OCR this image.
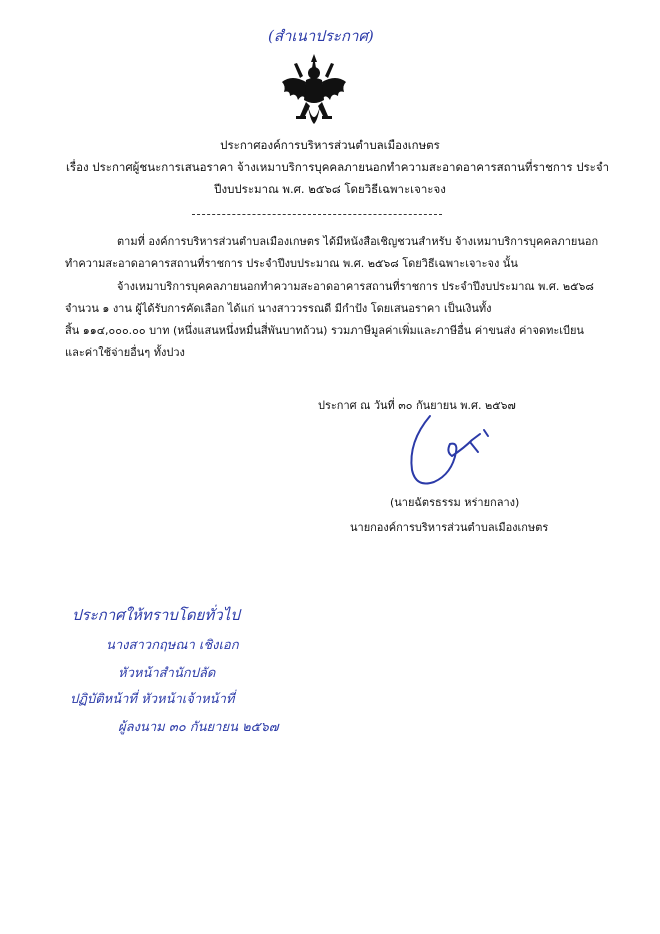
(สำเนาประกาศ)
ประกาศองค์การบริหารส่วนตำบลเมืองเกษตร
เรื่อง ประกาศผู้ชนะการเสนอราคา จ้างเหมาบริการบุคคลภายนอกทำความสะอาดอาคารสถานที่ราชการ ประจำ
ปีงบประมาณ พ.ศ. ๒๕๖๘ โดยวิธีเฉพาะเจาะจง
ตามที่ องค์การบริหารส่วนตำบลเมืองเกษตร ได้มีหนังสือเชิญชวนสำหรับ จ้างเหมาบริการบุคคลภายนอก
ทำความสะอาดอาคารสถานที่ราชการ ประจำปีงบประมาณ พ.ศ. ๒๕๖๘ โดยวิธีเฉพาะเจาะจง นั้น
จ้างเหมาบริการบุคคลภายนอกทำความสะอาดอาคารสถานที่ราชการ ประจำปีงบประมาณ พ.ศ. ๒๕๖๘
จำนวน ๑ งาน ผู้ได้รับการคัดเลือก ได้แก่ นางสาววรรณดี มีกำปัง โดยเสนอราคา เป็นเงินทั้ง
สิ้น ๑๑๔,๐๐๐.๐๐ บาท (หนึ่งแสนหนึ่งหมื่นสี่พันบาทถ้วน) รวมภาษีมูลค่าเพิ่มและภาษีอื่น ค่าขนส่ง ค่าจดทะเบียน
และค่าใช้จ่ายอื่นๆ ทั้งปวง
ประกาศ ณ วันที่ ๓๐ กันยายน พ.ศ. ๒๕๖๗
(นายฉัตรธรรม หร่ายกลาง)
นายกองค์การบริหารส่วนตำบลเมืองเกษตร
ประกาศให้ทราบโดยทั่วไป
นางสาวกฤษณา เชิงเอก
หัวหน้าสำนักปลัด
ปฏิบัติหน้าที่ หัวหน้าเจ้าหน้าที่
ผู้ลงนาม ๓๐ กันยายน ๒๕๖๗
